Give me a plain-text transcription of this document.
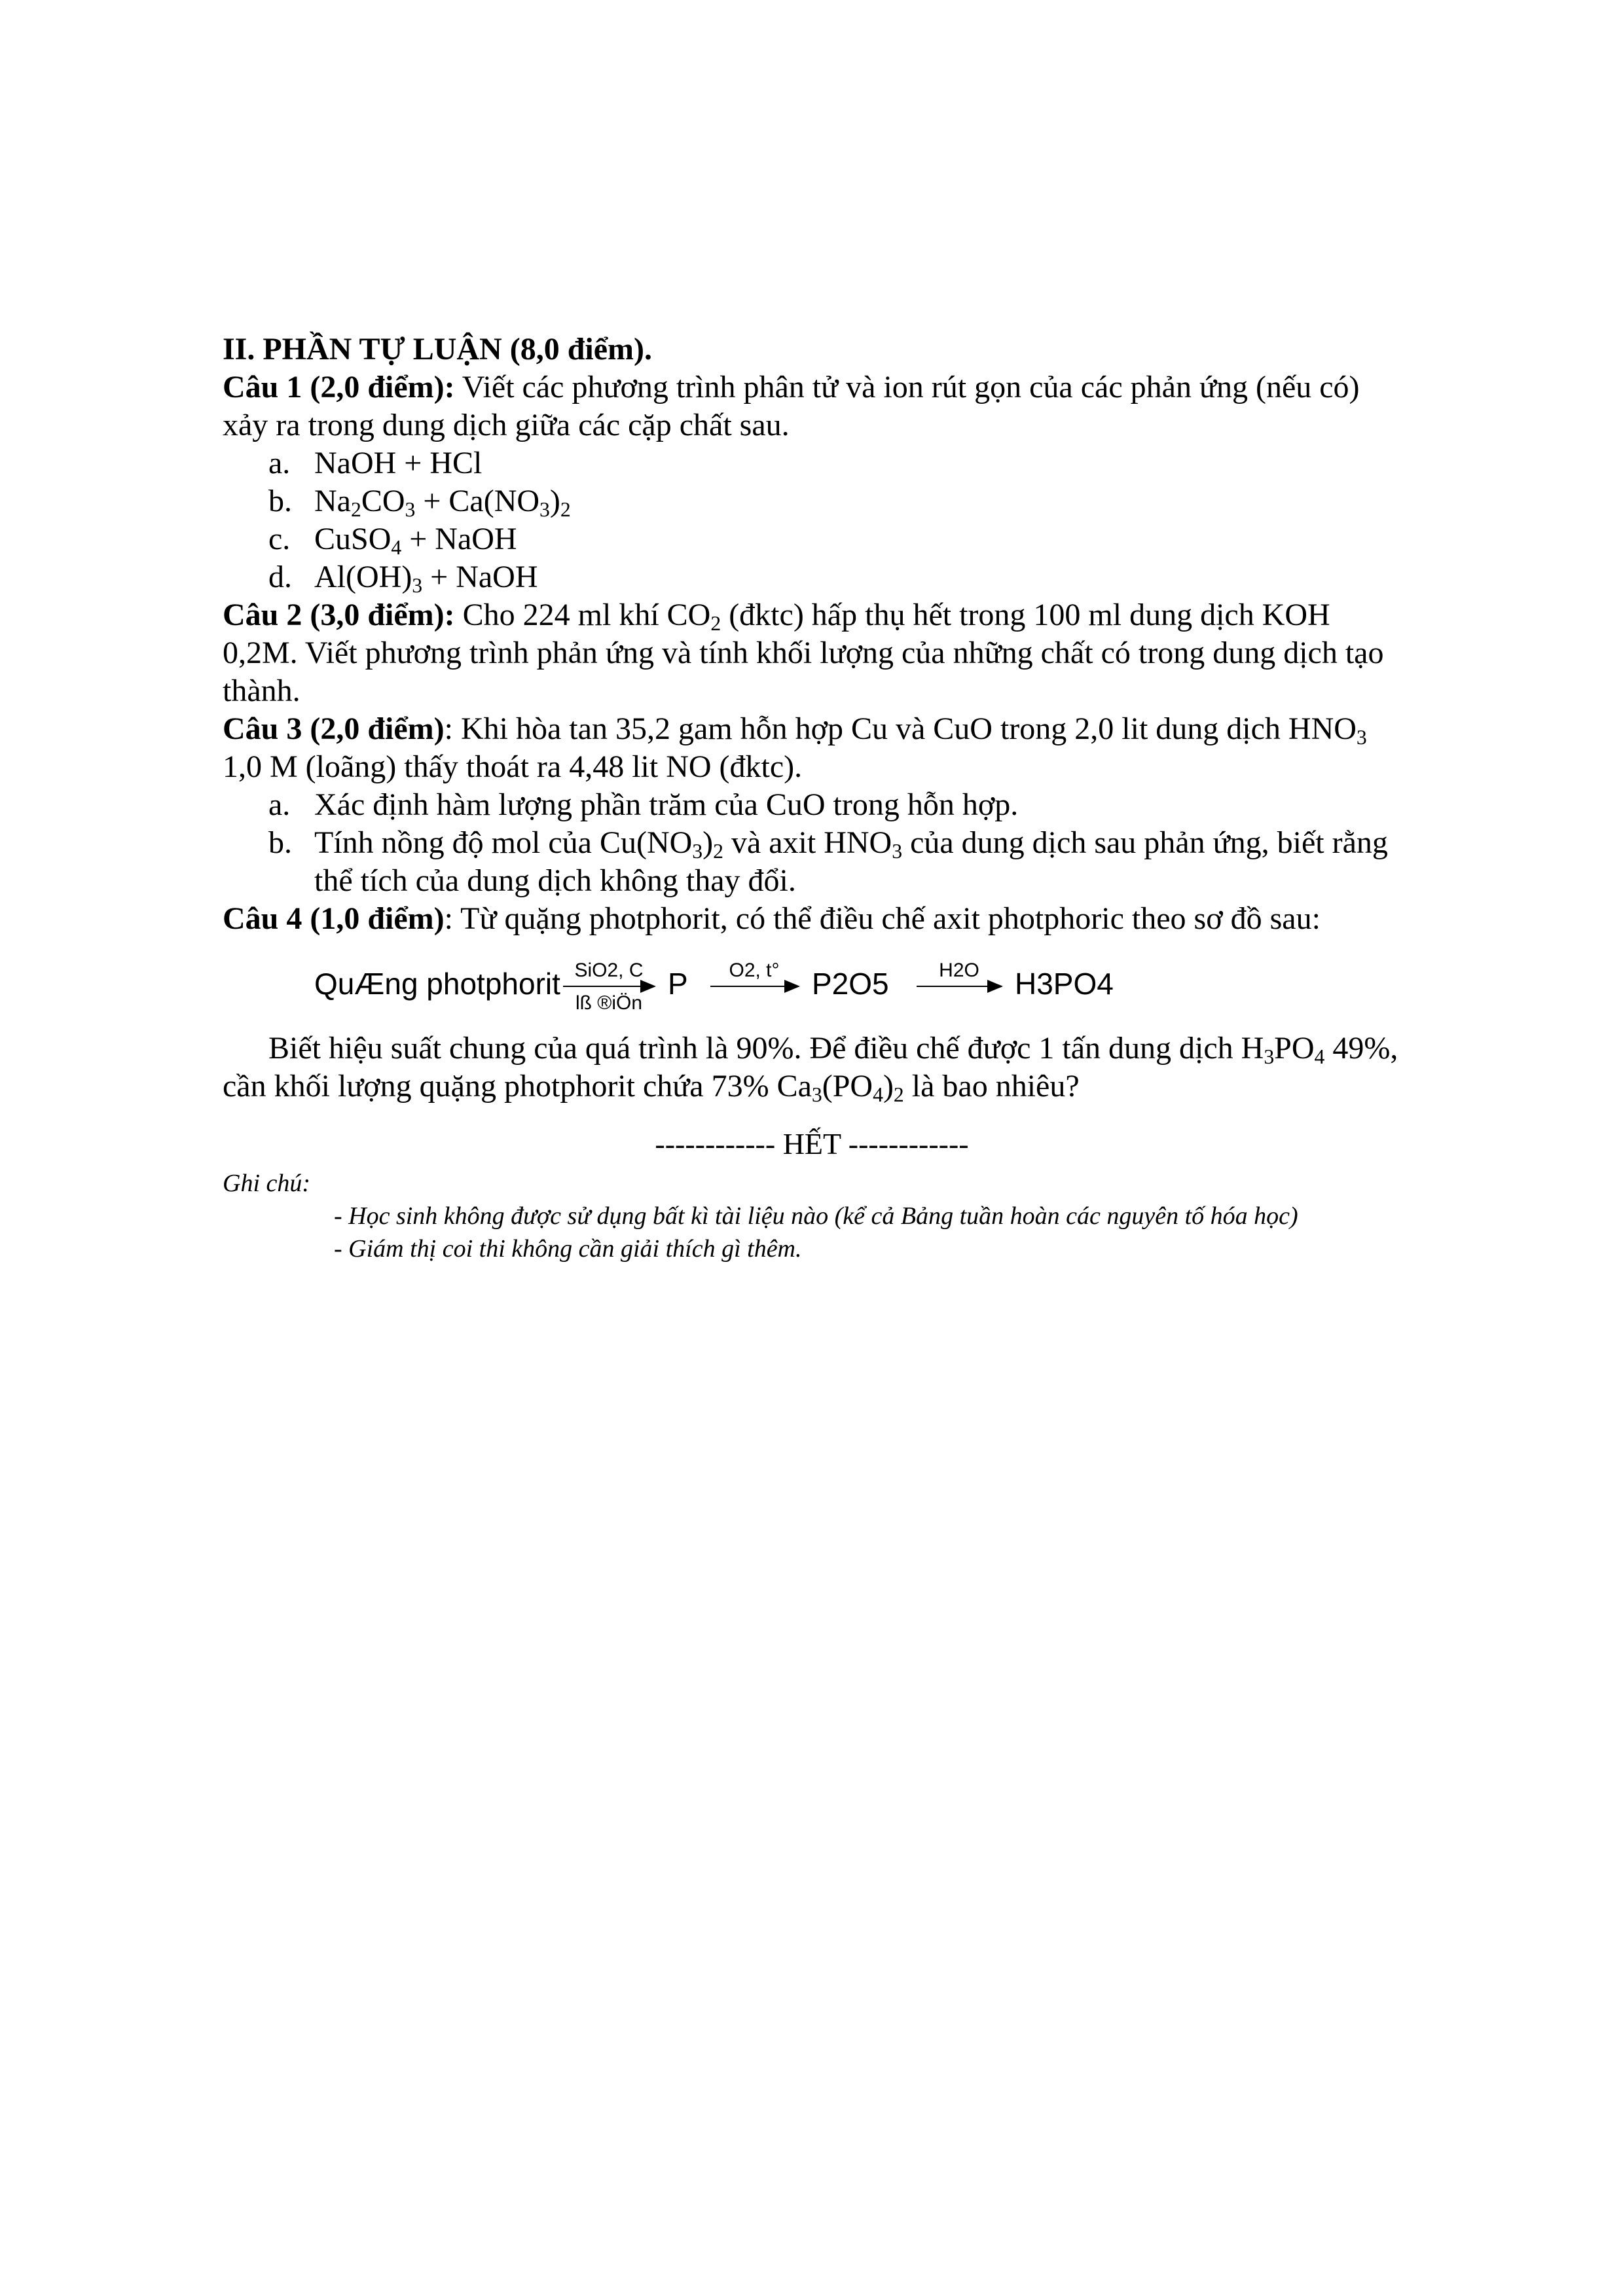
II. PHẦN TỰ LUẬN (8,0 điểm).

Câu 1 (2,0 điểm): Viết các phương trình phân tử và ion rút gọn của các phản ứng (nếu có) xảy ra trong dung dịch giữa các cặp chất sau.

a. NaOH + HCl
b. $Na_2CO_3 + Ca(NO_3)_2$
c. CuSO$_4$ + NaOH
d. $Al(OH)_3$ + NaOH

Câu 2 (3,0 điểm): Cho 224 ml khí $CO_2$ (đktc) hấp thụ hết trong 100 ml dung dịch KOH 0,2M. Viết phương trình phản ứng và tính khối lượng của những chất có trong dung dịch tạo thành.

Câu 3 (2,0 điểm): Khi hòa tan 35,2 gam hỗn hợp Cu và CuO trong 2,0 lit dung dịch $HNO_3$ 1,0 M (loãng) thấy thoát ra 4,48 lit NO (đktc).

a. Xác định hàm lượng phần trăm của CuO trong hỗn hợp.
b. Tính nồng độ mol của $Cu(NO_3)_2$ và axit $HNO_3$ của dung dịch sau phản ứng, biết rằng thể tích của dung dịch không thay đổi.

Câu 4 (1,0 điểm): Từ quặng photphorit, có thể điều chế axit photphoric theo sơ đồ sau:

QuÆng photphorit SiO2, C
lß ®iÖn
P O2, t° P2O5	H2O H3PO4

Biết hiệu suất chung của quá trình là 90%. Để điều chế được 1 tấn dung dịch $H_3PO_4$ 49%, cần khối lượng quặng photphorit chứa 73% $Ca_3(PO_4)_2$ là bao nhiêu?

------------ HẾT ------------

Ghi chú:

- Học sinh không được sử dụng bất kì tài liệu nào (kể cả Bảng tuần hoàn các nguyên tố hóa học)

- Giám thị coi thi không cần giải thích gì thêm.
